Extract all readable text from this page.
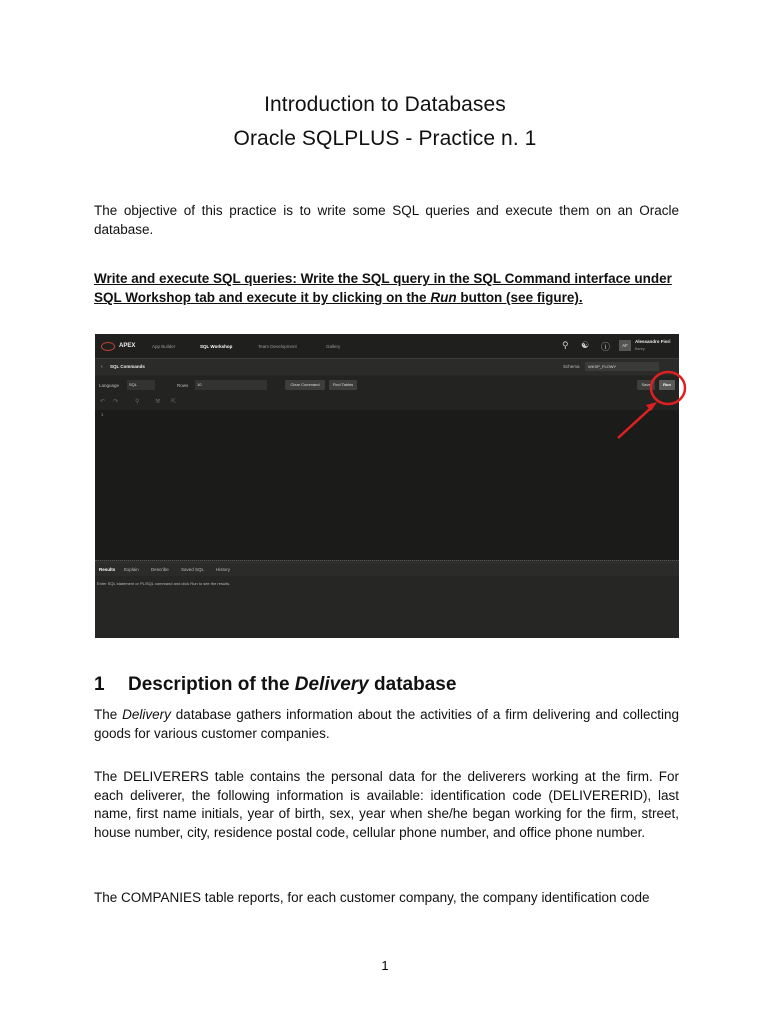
Introduction to Databases
Oracle SQLPLUS - Practice n. 1
The objective of this practice is to write some SQL queries and execute them on an Oracle database.
Write and execute SQL queries: Write the SQL query in the SQL Command interface under SQL Workshop tab and execute it by clicking on the Run button (see figure).
APEX	App Builder	SQL Workshop	Team Development	Gallery	⚲ ☯ ⓘ	AF
Alessandro Fiori
fiorey
‹ SQL Commands	Schema	WKSP_FLOWY
Language	SQL	Rows	10	Clear Command	Find Tables	Save	Run
↶ ↷	⚲	⚒ ⇱
1
Results Explain	Describe	Saved SQL	History
Enter SQL statement or PL/SQL command and click Run to see the results.
1 Description of the Delivery database
The Delivery database gathers information about the activities of a firm delivering and collecting goods for various customer companies.
The DELIVERERS table contains the personal data for the deliverers working at the firm. For each deliverer, the following information is available: identification code (DELIVERERID), last name, first name initials, year of birth, sex, year when she/he began working for the firm, street, house number, city, residence postal code, cellular phone number, and office phone number.
The COMPANIES table reports, for each customer company, the company identification code
1
